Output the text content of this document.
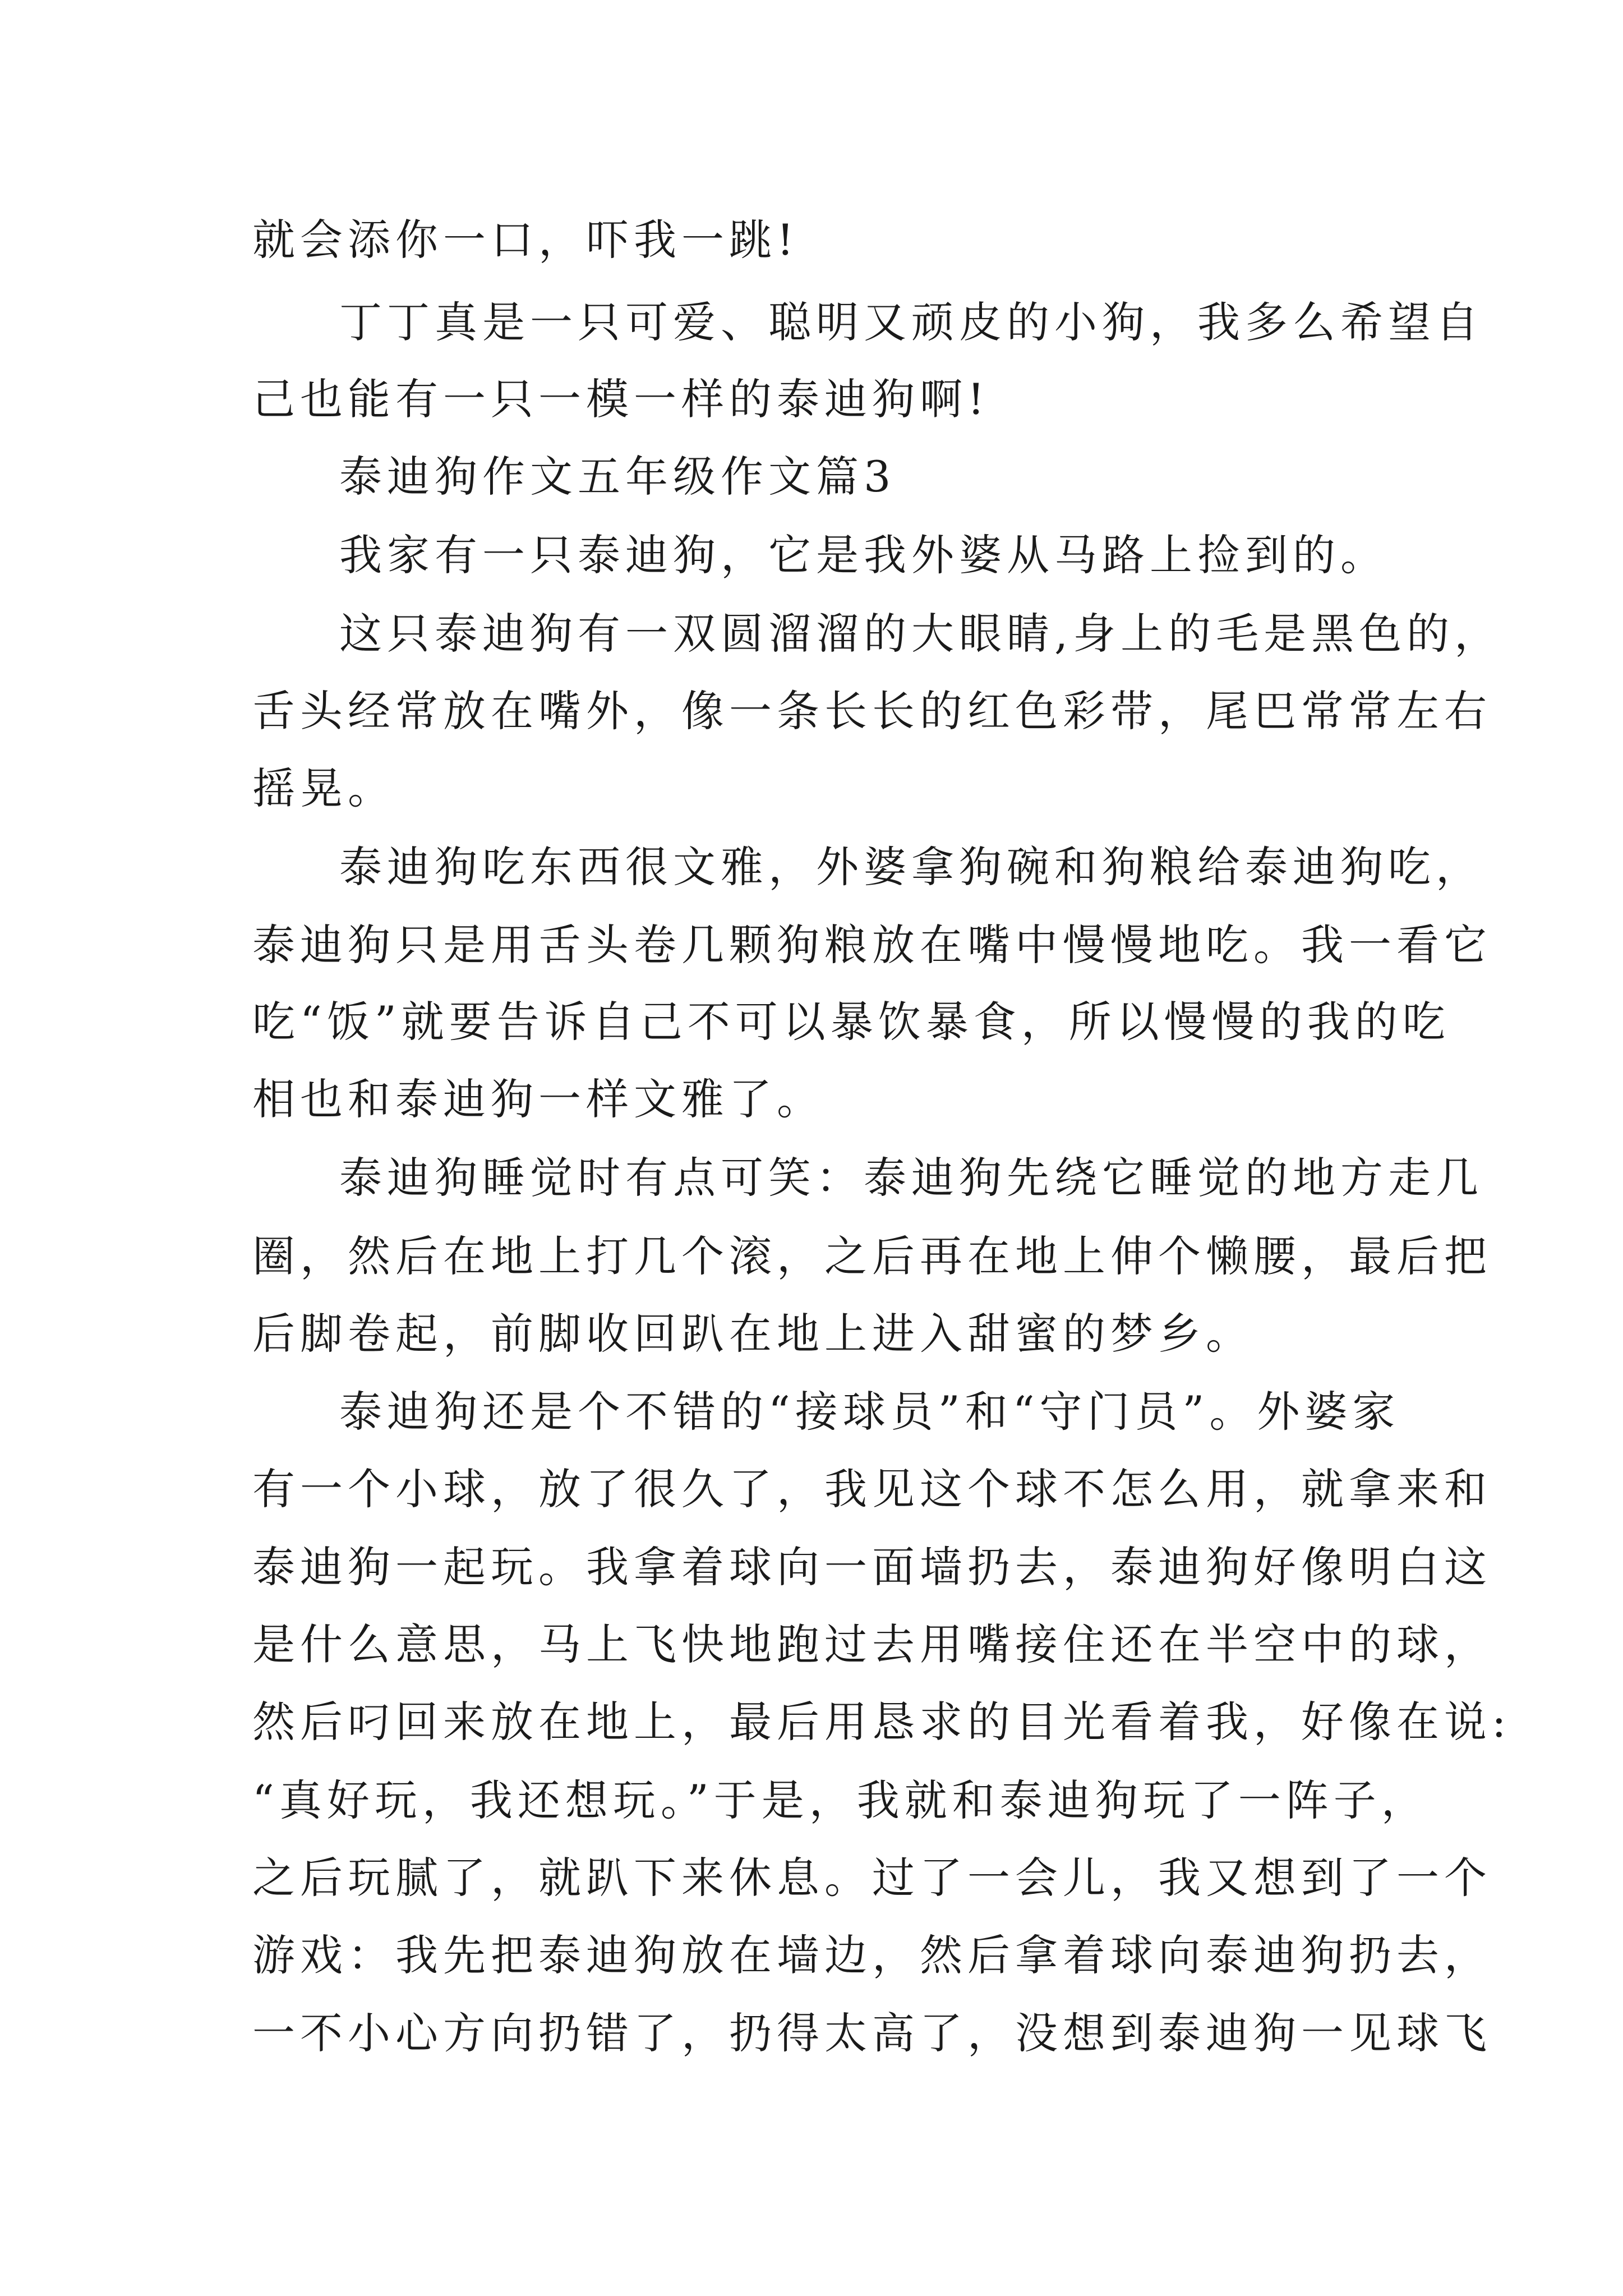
就会添你一口，吓我一跳!
丁丁真是一只可爱、聪明又顽皮的小狗，我多么希望自
己也能有一只一模一样的泰迪狗啊!
泰迪狗作文五年级作文篇3
我家有一只泰迪狗，它是我外婆从马路上捡到的。
这只泰迪狗有一双圆溜溜的大眼睛,身上的毛是黑色的，
舌头经常放在嘴外，像一条长长的红色彩带，尾巴常常左右
摇晃。
泰迪狗吃东西很文雅，外婆拿狗碗和狗粮给泰迪狗吃，
泰迪狗只是用舌头卷几颗狗粮放在嘴中慢慢地吃。我一看它
吃“饭”就要告诉自己不可以暴饮暴食，所以慢慢的我的吃
相也和泰迪狗一样文雅了。
泰迪狗睡觉时有点可笑：泰迪狗先绕它睡觉的地方走几
圈，然后在地上打几个滚，之后再在地上伸个懒腰，最后把
后脚卷起，前脚收回趴在地上进入甜蜜的梦乡。
泰迪狗还是个不错的“接球员”和“守门员”。外婆家
有一个小球，放了很久了，我见这个球不怎么用，就拿来和
泰迪狗一起玩。我拿着球向一面墙扔去，泰迪狗好像明白这
是什么意思，马上飞快地跑过去用嘴接住还在半空中的球，
然后叼回来放在地上，最后用恳求的目光看着我，好像在说:
“真好玩，我还想玩。”于是，我就和泰迪狗玩了一阵子，
之后玩腻了，就趴下来休息。过了一会儿，我又想到了一个
游戏：我先把泰迪狗放在墙边，然后拿着球向泰迪狗扔去，
一不小心方向扔错了，扔得太高了，没想到泰迪狗一见球飞
